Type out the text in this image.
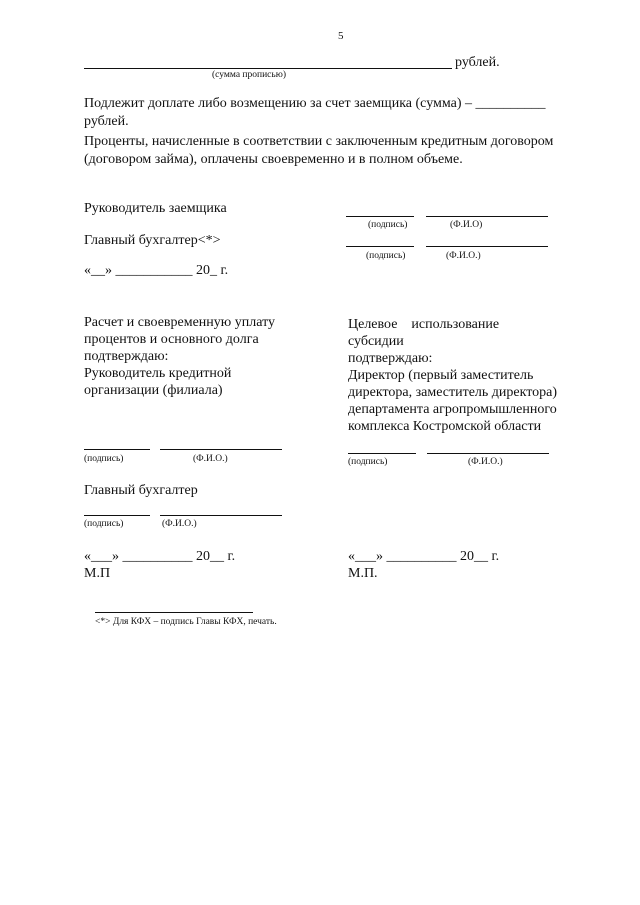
5
рублей.
(сумма прописью)
Подлежит доплате либо возмещению за счет заемщика (сумма) – __________
рублей.
Проценты, начисленные в соответствии с заключенным кредитным договором
(договором займа), оплачены своевременно и в полном объеме.
Руководитель заемщика
(подпись)	(Ф.И.О)
Главный бухгалтер<*>
(подпись)	(Ф.И.О.)
«__» ___________ 20_ г.
Расчет и своевременную уплату
процентов и основного долга
подтверждаю:
Руководитель кредитной
организации (филиала)
(подпись)	(Ф.И.О.)
Главный бухгалтер
(подпись)	(Ф.И.О.)
«___» __________ 20__ г.
М.П
Целевое    использование
субсидии
подтверждаю:
Директор (первый заместитель
директора, заместитель директора)
департамента агропромышленного
комплекса Костромской области
(подпись)	(Ф.И.О.)
«___» __________ 20__ г.
М.П.
<*> Для КФХ – подпись Главы КФХ, печать.
